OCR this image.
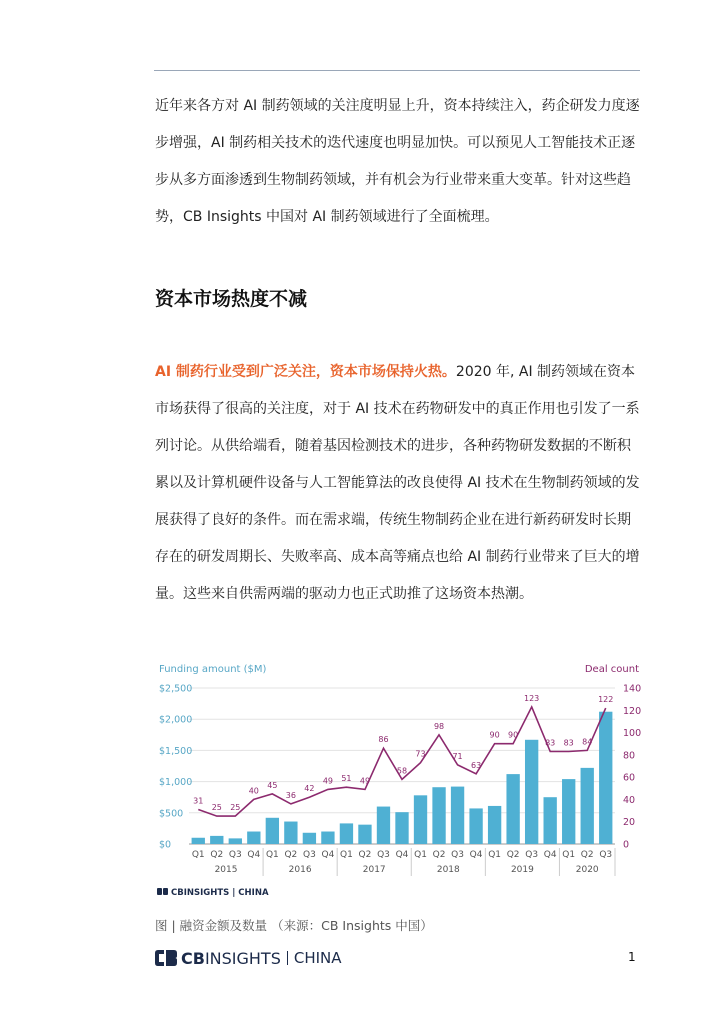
近年来各方对 AI 制药领域的关注度明显上升，资本持续注入，药企研发力度逐步增强，AI 制药相关技术的迭代速度也明显加快。可以预见人工智能技术正逐步从多方面渗透到生物制药领域，并有机会为行业带来重大变革。针对这些趋势，CB Insights 中国对 AI 制药领域进行了全面梳理。

资本市场热度不减

AI 制药行业受到广泛关注，资本市场保持火热。2020 年, AI 制药领域在资本市场获得了很高的关注度，对于 AI 技术在药物研发中的真正作用也引发了一系列讨论。从供给端看，随着基因检测技术的进步，各种药物研发数据的不断积累以及计算机硬件设备与人工智能算法的改良使得 AI 技术在生物制药领域的发展获得了良好的条件。而在需求端，传统生物制药企业在进行新药研发时长期存在的研发周期长、失败率高、成本高等痛点也给 AI 制药行业带来了巨大的增量。这些来自供需两端的驱动力也正式助推了这场资本热潮。

Funding amount ($M)	Deal count
$0
$500
$1,000
$1,500
$2,000
$2,500
0
20
40
60
80
100
120
140
31
25 25
40
45
36
42
49 51 49
86
58
73
98
71
63
90 90
123
83 83 84
122
Q1 Q2 Q3 Q4 Q1 Q2 Q3 Q4 Q1 Q2 Q3 Q4 Q1 Q2 Q3 Q4 Q1 Q2 Q3 Q4 Q1 Q2 Q3
2015	2016	2017	2018	2019	2020
CBINSIGHTS | CHINA
图 | 融资金额及数量 （来源：CB Insights 中国）
CB INSIGHTS CHINA	1
